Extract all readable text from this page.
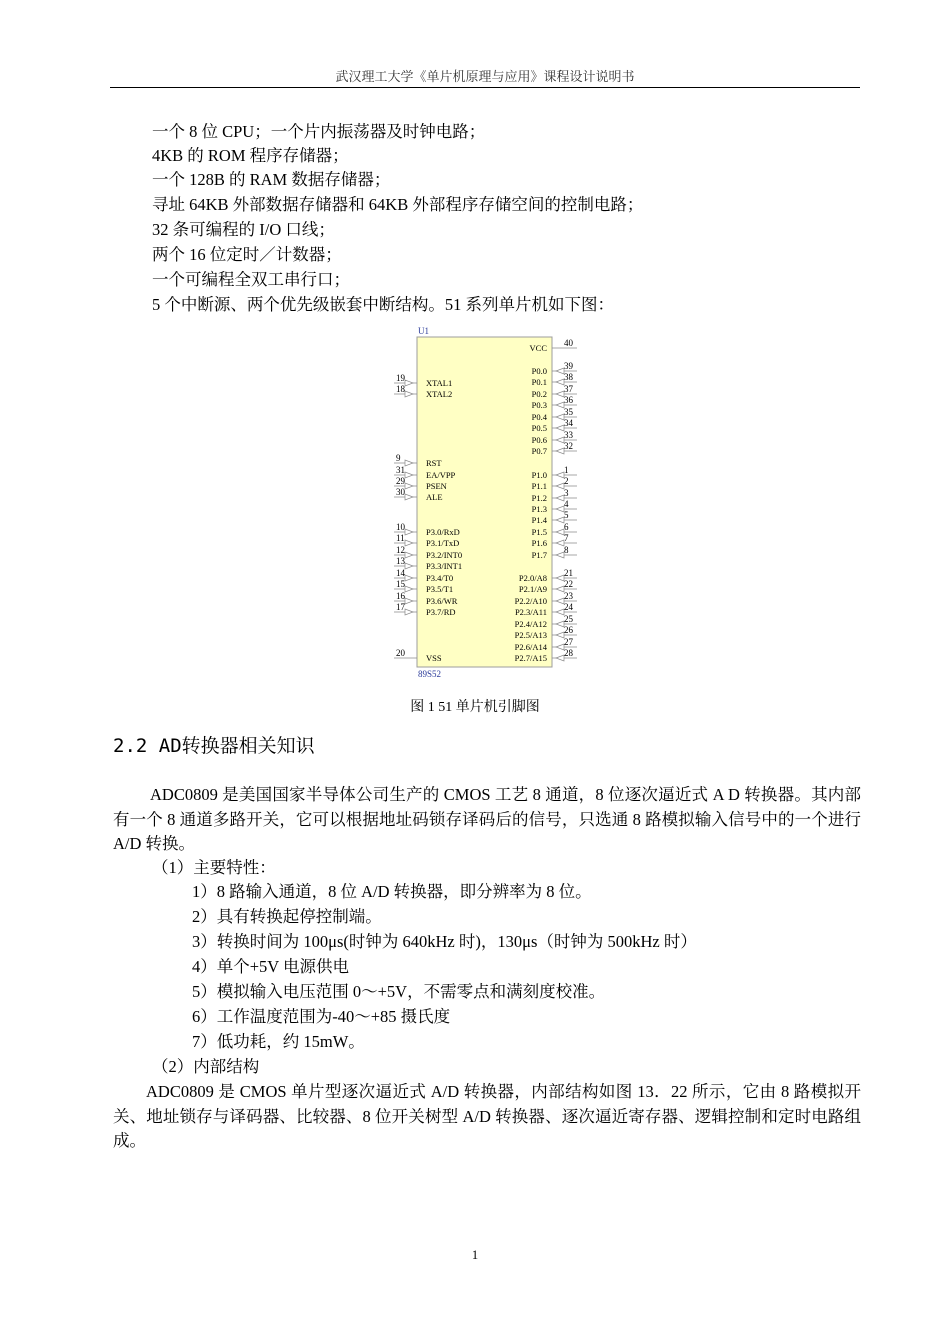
武汉理工大学《单片机原理与应用》课程设计说明书
一个 8 位 CPU；一个片内振荡器及时钟电路；
4KB 的 ROM 程序存储器；
一个 128B 的 RAM 数据存储器；
寻址 64KB 外部数据存储器和 64KB 外部程序存储空间的控制电路；
32 条可编程的 I/O 口线；
两个 16 位定时／计数器；
一个可编程全双工串行口；
5 个中断源、两个优先级嵌套中断结构。51 系列单片机如下图：
U1
89S52
19 XTAL1
18 XTAL2
9	RST
31 EA/VPP
29 PSEN
30 ALE
10 P3.0/RxD
11	P3.1/TxD
12 P3.2/INT0
13 P3.3/INT1
14 P3.4/T0
15 P3.5/T1
16 P3.6/WR
17 P3.7/RD
20 VSS
40
VCC
39
P0.0
38
P0.1
37
P0.2
36
P0.3
35
P0.4
34
P0.5
33
P0.6
32
P0.7
1
P1.0
2
P1.1
3
P1.2
4
P1.3
5
P1.4
6
P1.5
7
P1.6
8
P1.7
21
P2.0/A8
22
P2.1/A9
23
P2.2/A10
24
P2.3/A11
25
P2.4/A12
26
P2.5/A13
27
P2.6/A14
28
P2.7/A15
图 1 51 单片机引脚图
2.2 AD转换器相关知识
ADC0809 是美国国家半导体公司生产的 CMOS 工艺 8 通道，8 位逐次逼近式 A D 转换器。其内部有一个 8 通道多路开关，它可以根据地址码锁存译码后的信号，只选通 8 路模拟输入信号中的一个进行 A/D 转换。
（1）主要特性：
1）8 路输入通道，8 位 A/D 转换器，即分辨率为 8 位。
2）具有转换起停控制端。
3）转换时间为 100μs(时钟为 640kHz 时)，130μs（时钟为 500kHz 时）
4）单个+5V 电源供电
5）模拟输入电压范围 0～+5V，不需零点和满刻度校准。
6）工作温度范围为-40～+85 摄氏度
7）低功耗，约 15mW。
（2）内部结构
ADC0809 是 CMOS 单片型逐次逼近式 A/D 转换器，内部结构如图 13．22 所示，它由 8 路模拟开关、地址锁存与译码器、比较器、8 位开关树型 A/D 转换器、逐次逼近寄存器、逻辑控制和定时电路组成。
1
